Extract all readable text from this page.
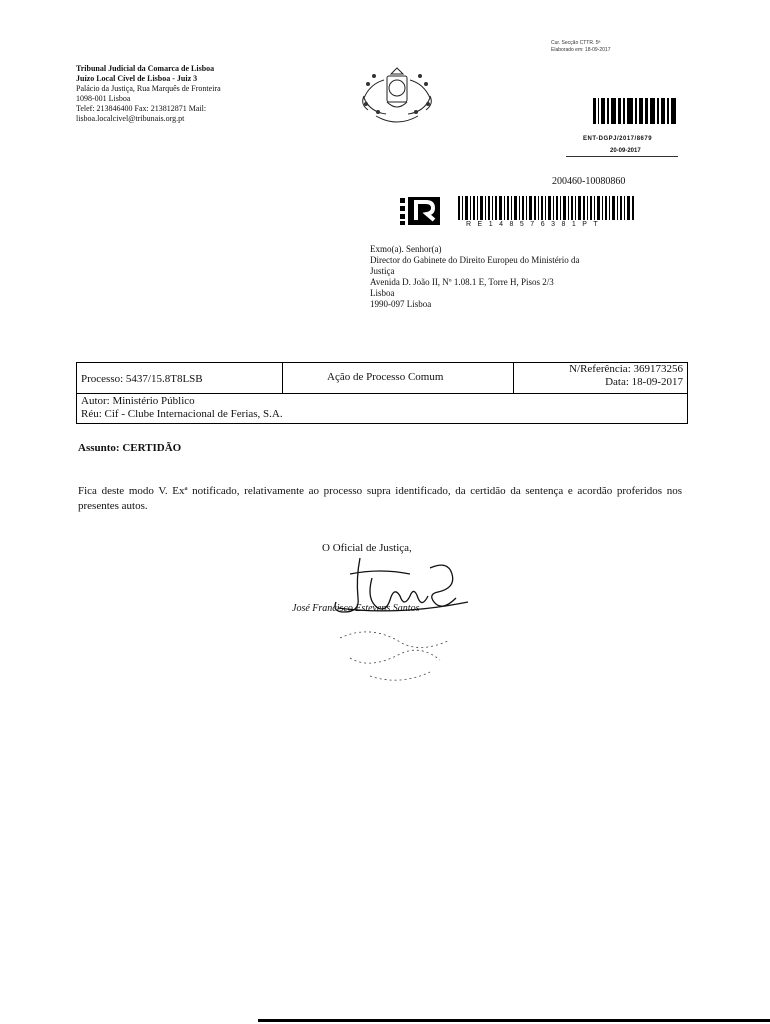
Tribunal Judicial da Comarca de Lisboa
Juízo Local Cível de Lisboa - Juiz 3
Palácio da Justiça, Rua Marquês de Fronteira
1098-001 Lisboa
Telef: 213846400 Fax: 213812871 Mail:
lisboa.localcivel@tribunais.org.pt
Cur. Secção CTTR. 5ª
Elaborado em: 18-09-2017
ENT-DGPJ/2017/8679
20-09-2017
200460-10080860
RE148576381PT
Exmo(a). Senhor(a)
Director do Gabinete do Direito Europeu do Ministério da
Justiça
Avenida D. João II, Nº 1.08.1 E, Torre H, Pisos 2/3
Lisboa
1990-097 Lisboa
Processo: 5437/15.8T8LSB	Ação de Processo Comum
N/Referência: 369173256
Data: 18-09-2017
Autor: Ministério Público
Réu: Cif - Clube Internacional de Ferias, S.A.
Assunto: CERTIDÃO
Fica deste modo V. Exª notificado, relativamente ao processo supra identificado, da certidão da sentença e acordão proferidos nos presentes autos.
O Oficial de Justiça,
José Francisco Estevens Santos
